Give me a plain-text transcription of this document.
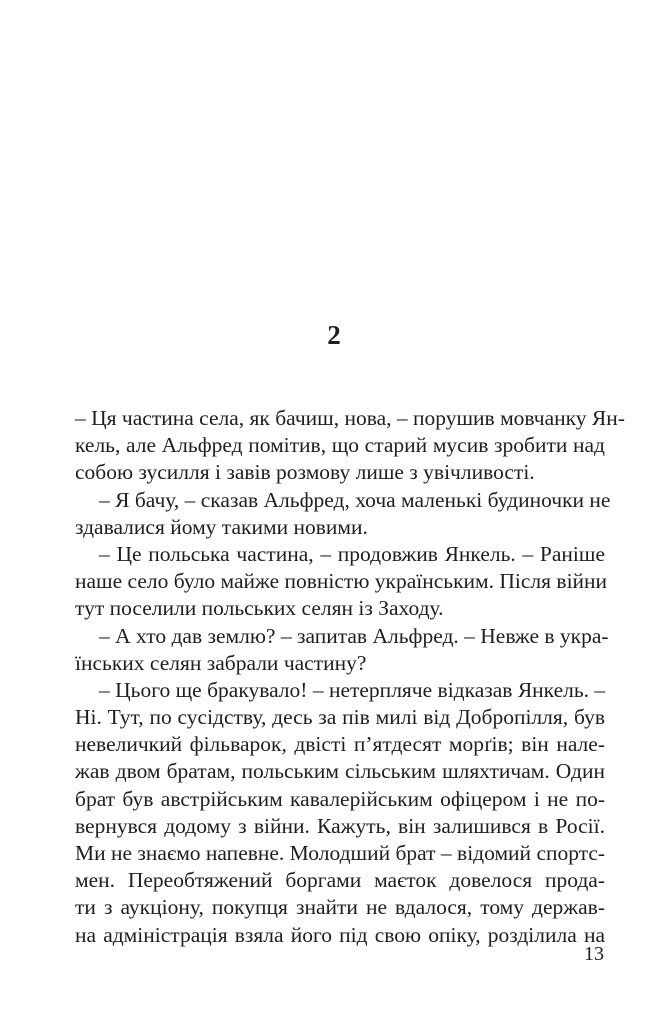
2
– Ця частина села, як бачиш, нова, – порушив мовчанку Ян-
кель, але Альфред помітив, що старий мусив зробити над
собою зусилля і завів розмову лише з увічливості.
– Я бачу, – сказав Альфред, хоча маленькі будиночки не
здавалися йому такими новими.
– Це польська частина, – продовжив Янкель. – Раніше
наше село було майже повністю українським. Після війни
тут поселили польських селян із Заходу.
– А хто дав землю? – запитав Альфред. – Невже в укра-
їнських селян забрали частину?
– Цього ще бракувало! – нетерпляче відказав Янкель. –
Ні. Тут, по сусідству, десь за пів милі від Добропілля, був
невеличкий фільварок, двісті п’ятдесят морґів; він нале-
жав двом братам, польським сільським шляхтичам. Один
брат був австрійським кавалерійським офіцером і не по-
вернувся додому з війни. Кажуть, він залишився в Росії.
Ми не знаємо напевне. Молодший брат – відомий спортс-
мен. Переобтяжений боргами маєток довелося прода-
ти з аукціону, покупця знайти не вдалося, тому держав-
на адміністрація взяла його під свою опіку, розділила на
13
